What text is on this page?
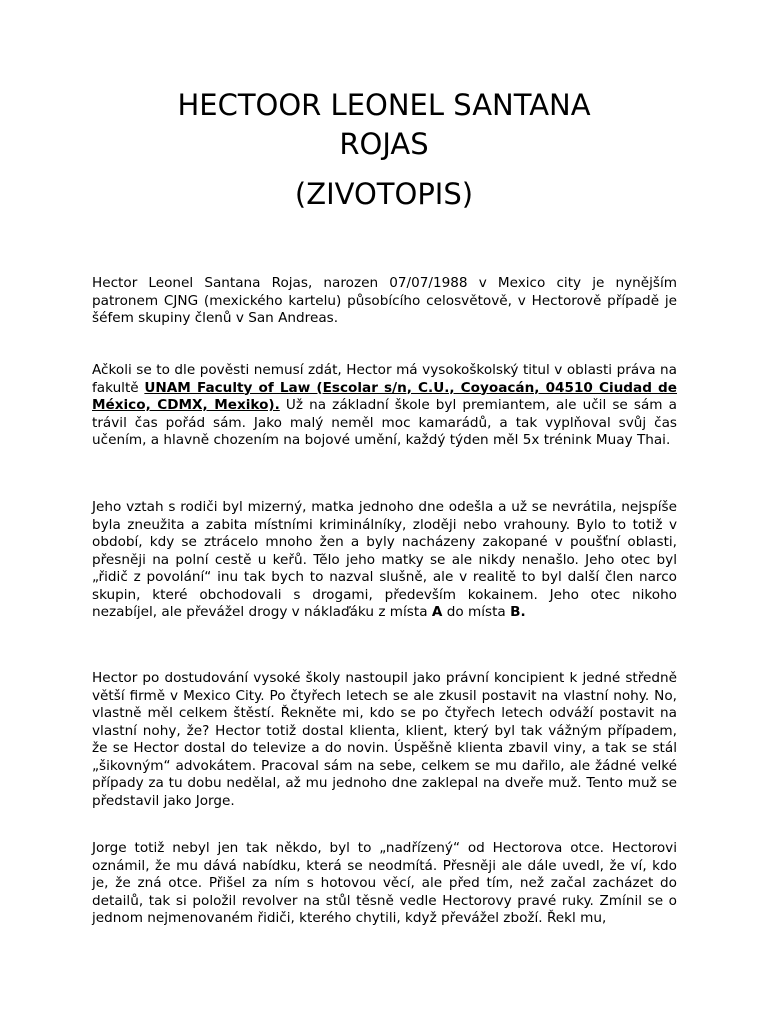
HECTOOR LEONEL SANTANA
ROJAS
(ZIVOTOPIS)

Hector Leonel Santana Rojas, narozen 07/07/1988 v Mexico city je nynějším patronem CJNG (mexického kartelu) působícího celosvětově, v Hectorově případě je šéfem skupiny členů v San Andreas.

Ačkoli se to dle pověsti nemusí zdát, Hector má vysokoškolský titul v oblasti práva na fakultě UNAM Faculty of Law (Escolar s/n, C.U., Coyoacán, 04510 Ciudad de México, CDMX, Mexiko). Už na základní škole byl premiantem, ale učil se sám a trávil čas pořád sám. Jako malý neměl moc kamarádů, a tak vyplňoval svůj čas učením, a hlavně chozením na bojové umění, každý týden měl 5x trénink Muay Thai.

Jeho vztah s rodiči byl mizerný, matka jednoho dne odešla a už se nevrátila, nejspíše byla zneužita a zabita místními kriminálníky, zloději nebo vrahouny. Bylo to totiž v období, kdy se ztrácelo mnoho žen a byly nacházeny zakopané v poušťní oblasti, přesněji na polní cestě u keřů. Tělo jeho matky se ale nikdy nenašlo. Jeho otec byl „řidič z povolání“ inu tak bych to nazval slušně, ale v realitě to byl další člen narco skupin, které obchodovali s drogami, především kokainem. Jeho otec nikoho nezabíjel, ale převážel drogy v náklaďáku z místa A do místa B.

Hector po dostudování vysoké školy nastoupil jako právní koncipient k jedné středně větší firmě v Mexico City. Po čtyřech letech se ale zkusil postavit na vlastní nohy. No, vlastně měl celkem štěstí. Řekněte mi, kdo se po čtyřech letech odváží postavit na vlastní nohy, že? Hector totiž dostal klienta, klient, který byl tak vážným případem, že se Hector dostal do televize a do novin. Úspěšně klienta zbavil viny, a tak se stál „šikovným“ advokátem. Pracoval sám na sebe, celkem se mu dařilo, ale žádné velké případy za tu dobu nedělal, až mu jednoho dne zaklepal na dveře muž. Tento muž se představil jako Jorge.

Jorge totiž nebyl jen tak někdo, byl to „nadřízený“ od Hectorova otce. Hectorovi oznámil, že mu dává nabídku, která se neodmítá. Přesněji ale dále uvedl, že ví, kdo je, že zná otce. Přišel za ním s hotovou věcí, ale před tím, než začal zacházet do detailů, tak si položil revolver na stůl těsně vedle Hectorovy pravé ruky. Zmínil se o jednom nejmenovaném řidiči, kterého chytili, když převážel zboží. Řekl mu,
